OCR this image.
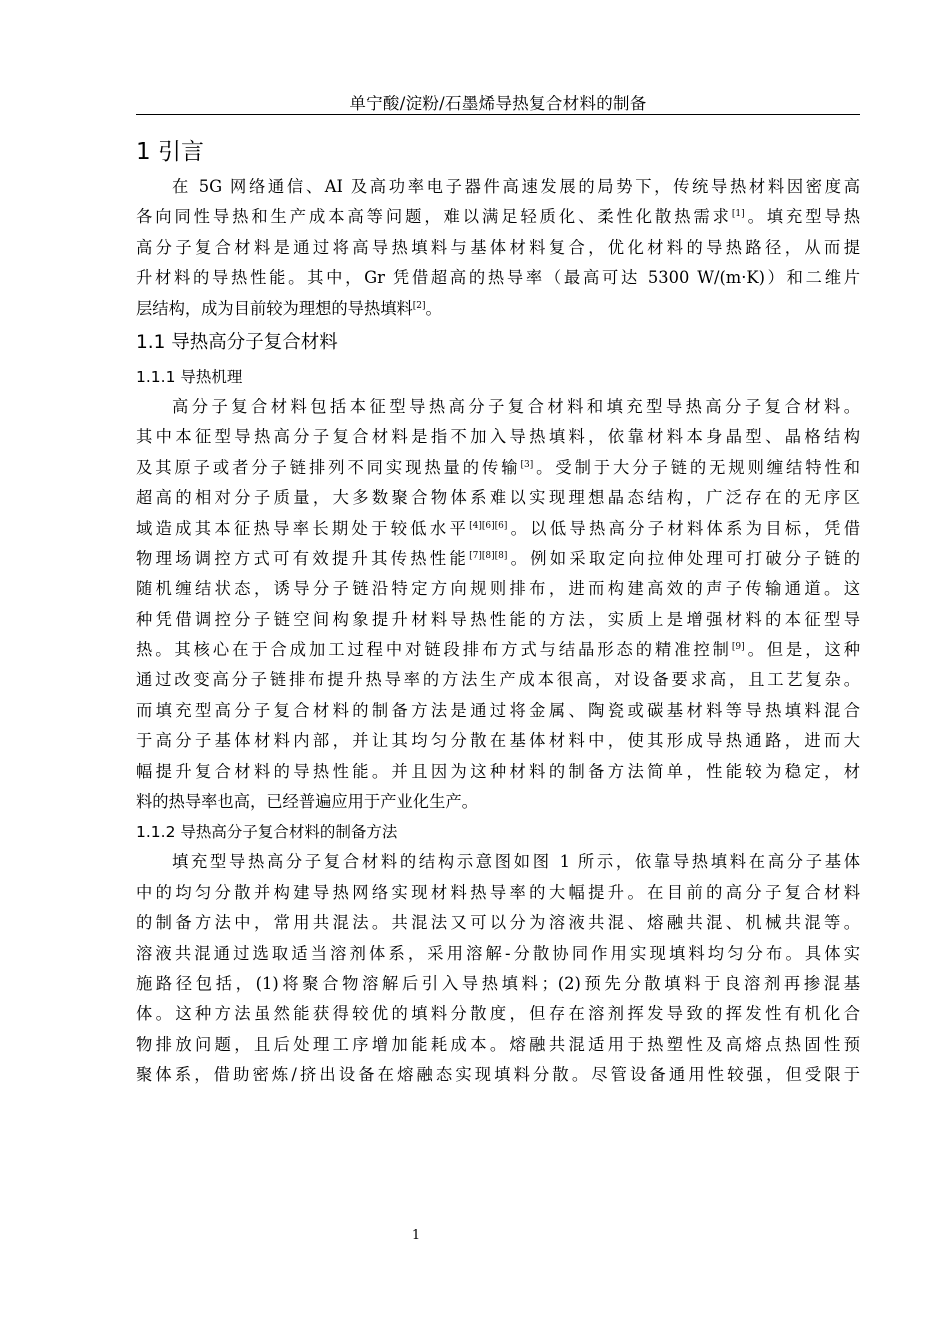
单宁酸/淀粉/石墨烯导热复合材料的制备
1 引言
在 5G 网络通信、AI 及高功率电子器件高速发展的局势下，传统导热材料因密度高
各向同性导热和生产成本高等问题，难以满足轻质化、柔性化散热需求[1]。填充型导热
高分子复合材料是通过将高导热填料与基体材料复合，优化材料的导热路径，从而提
升材料的导热性能。其中，Gr 凭借超高的热导率（最高可达 5300 W/(m·K)）和二维片
层结构，成为目前较为理想的导热填料[2]。
1.1 导热高分子复合材料
1.1.1 导热机理
高分子复合材料包括本征型导热高分子复合材料和填充型导热高分子复合材料。
其中本征型导热高分子复合材料是指不加入导热填料，依靠材料本身晶型、晶格结构
及其原子或者分子链排列不同实现热量的传输[3]。受制于大分子链的无规则缠结特性和
超高的相对分子质量，大多数聚合物体系难以实现理想晶态结构，广泛存在的无序区
域造成其本征热导率长期处于较低水平[4][6][6]。以低导热高分子材料体系为目标，凭借
物理场调控方式可有效提升其传热性能[7][8][8]。例如采取定向拉伸处理可打破分子链的
随机缠结状态，诱导分子链沿特定方向规则排布，进而构建高效的声子传输通道。这
种凭借调控分子链空间构象提升材料导热性能的方法，实质上是增强材料的本征型导
热。其核心在于合成加工过程中对链段排布方式与结晶形态的精准控制[9]。但是，这种
通过改变高分子链排布提升热导率的方法生产成本很高，对设备要求高，且工艺复杂。
而填充型高分子复合材料的制备方法是通过将金属、陶瓷或碳基材料等导热填料混合
于高分子基体材料内部，并让其均匀分散在基体材料中，使其形成导热通路，进而大
幅提升复合材料的导热性能。并且因为这种材料的制备方法简单，性能较为稳定，材
料的热导率也高，已经普遍应用于产业化生产。
1.1.2 导热高分子复合材料的制备方法
填充型导热高分子复合材料的结构示意图如图 1 所示，依靠导热填料在高分子基体
中的均匀分散并构建导热网络实现材料热导率的大幅提升。在目前的高分子复合材料
的制备方法中，常用共混法。共混法又可以分为溶液共混、熔融共混、机械共混等。
溶液共混通过选取适当溶剂体系，采用溶解-分散协同作用实现填料均匀分布。具体实
施路径包括，(1)将聚合物溶解后引入导热填料；(2)预先分散填料于良溶剂再掺混基
体。这种方法虽然能获得较优的填料分散度，但存在溶剂挥发导致的挥发性有机化合
物排放问题，且后处理工序增加能耗成本。熔融共混适用于热塑性及高熔点热固性预
聚体系，借助密炼/挤出设备在熔融态实现填料分散。尽管设备通用性较强，但受限于
1
